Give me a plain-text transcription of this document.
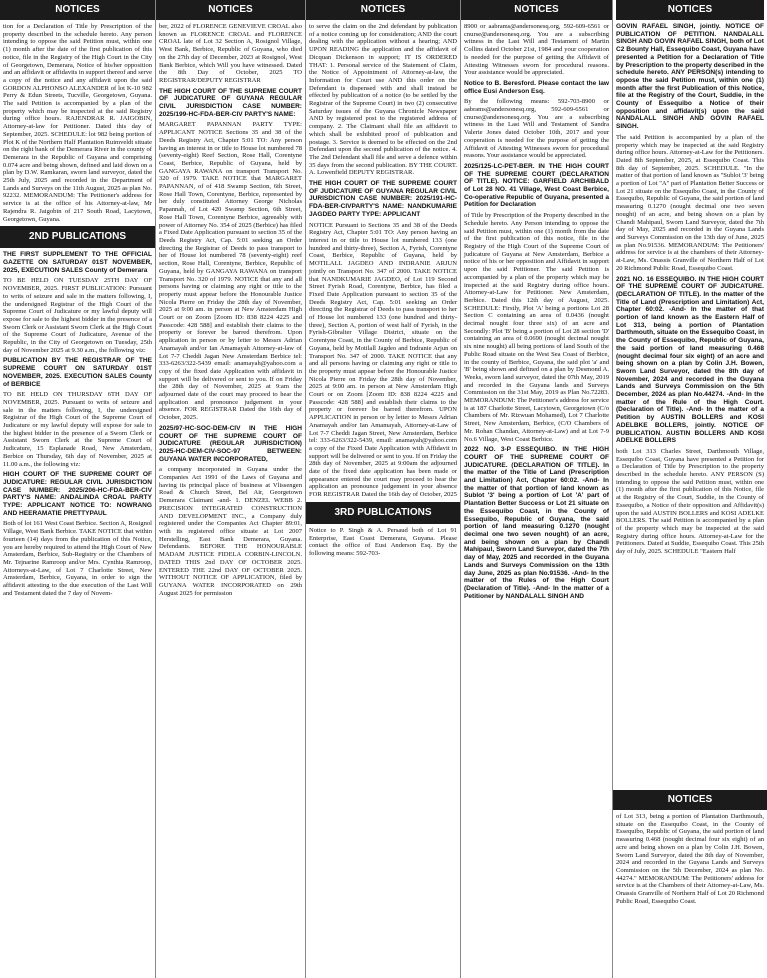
NOTICES

tion for a Declaration of Title by Prescription of the property described in the schedule hereto. Any person intending to oppose the said Petition must, within one (1) month after the date of the first publication of this notice, file in the Registry of the High Court in the City of Georgetown, Demerara, Notice of his/her opposition and an affidavit or affidavits in support thereof and serve a copy of the notice and any affidavit upon the said GORDON ALPHONSO ALEXANDER of lot K-10 982 Perry & Edun Streets, Tucville, Georgetown, Guyana. The said Petition is accompanied by a plan of the property which may be inspected at the said Registry during office hours. RAJENDRAR R. JAIGOBIN, Attorney-at-law for Petitioner. Dated this day of September, 2025. SCHEDULE: lot 982 being portion of Plot K of the Northern Half Plantation Ruimveldt situate on the right bank of the Demerara River in the county of Demerara in the Republic of Guyana and comprising 0.074 acre and being shown, defined and laid down on a plan by D.W. Ramkaran, sworn land surveyor, dated the 25th July, 2025 and recorded in the Department of Lands and Surveys on the 11th August, 2025 as plan No. 92232. MEMORANDUM: The Petitioner's address for service is at the office of his Attorney-at-law, Mr Rajendra R. Jaigobin of 217 South Road, Lacytown, Georgetown, Guyana.

2ND PUBLICATIONS

THE FIRST SUPPLEMENT TO THE OFFICIAL GAZETTE ON SATURDAY 01ST NOVEMBER, 2025, EXECUTION SALES County of Demerara

TO BE HELD ON TUESDAY 25TH DAY OF NOVEMBER, 2025. FIRST PUBLICATION: Pursuant to writs of seizure and sale in the matters following, I, the undersigned Registrar of the High Court of the Supreme Court of Judicature or my lawful deputy will expose for sale to the highest bidder in the presence of a Sworn Clerk or Assistant Sworn Clerk at the High Court of the Supreme Court of Judicature, Avenue of the Republic, in the City of Georgetown on Tuesday, 25th day of November 2025 at 9.30 a.m., the following viz:

PUBLICATION BY THE REGISTRAR OF THE SUPREME COURT ON SATURDAY 01ST NOVEMBER, 2025. EXECUTION SALES County of BERBICE

TO BE HELD ON THURSDAY 6TH DAY OF NOVEMBER, 2025. Pursuant to writs of seizure and sale in the matters following, I, the undersigned Registrar of the High Court of the Supreme Court of Judicature or my lawful deputy will expose for sale to the highest bidder in the presence of a Sworn Clerk or Assistant Sworn Clerk at the Supreme Court of Judicature, 15 Esplanade Road, New Amsterdam, Berbice on Thursday, 6th day of November, 2025 at 11.00 a.m., the following viz:

HIGH COURT OF THE SUPREME COURT OF JUDICATURE: REGULAR CIVIL JURISDICTION CASE NUMBER: 2025/206-HC-FDA-BER-CIV PARTY'S NAME: ANDALINDA CROAL PARTY TYPE: APPLICANT NOTICE TO: NOWRANG AND HEERAMATIE PRETTYPAUL

Both of lot 161 West Coast Berbice. Section A, Rosignol Village, West Bank Berbice. TAKE NOTICE that within fourteen (14) days from the publication of this Notice, you are hereby required to attend the High Court of New Amsterdam, Berbice, Sub-Registry or the Chambers of Mr. Tejnarine Ramroop and/or Mrs. Cynthia Ramroop, Attorneys-at-Law, of Lot 7 Charlotte Street, New Amsterdam, Berbice, Guyana, in order to sign the affidavit attesting to the due execution of the Last Will and Testament dated the 7 day of Novem-

NOTICES

ber, 2022 of FLORENCE GENEVIEVE CROAL also known as FLORENCE CROAL and FLORENCE CROAL late of Lot 32 Section A, Rosignol Village, West Bank, Berbice, Republic of Guyana, who died on the 27th day of December, 2023 at Rosignol, West Bank Berbice, which Will you have witnessed. Dated the 8th Day of October, 2025 TO REGISTRAR/DEPUTY REGISTRAR

THE HIGH COURT OF THE SUPREME COURT OF JUDICATURE OF GUYANA REGULAR CIVIL JURISDICTION CASE NUMBER: 2025/199-HC-FDA-BER-CIV PARTY'S NAME:

MARGARET PAPANNAN PARTY TYPE: APPLICANT NOTICE Sections 35 and 38 of the Deeds Registry Act, Chapter 5:01 TO: Any person having an interest in or title to House lot numbered 78 (seventy-eight) Reef Section, Rose Hall, Corentyne Coast, Berbice, Republic of Guyana, held by GANGAYA RAWANA on transport Transport No. 320 of 1979. TAKE NOTICE that MARGARET PAPANNAN, of of 418 Swamp Section, 6th Street, Rose Hall Town, Corentyne, Berbice, represented by her duly constituted Attorney George Nicholas Papannah, of Lot 420 Swamp Section, 6th Street, Rose Hall Town, Corentyne Berbice, agreeably with power of Attorney No. 354 of 2025 (Berbice) has filed a Fixed Date Application pursuant to section 35 of the Deeds Registry Act, Cap. 5:01 seeking an Order directing the Registrar of Deeds to pass transport to her of House lot numbered 78 (seventy-eight) reef section, Rose Hall, Corentyne, Berbice, Republic of Guyana, held by GANGAYA RAWANA on transport Transport No. 320 of 1979. NOTICE that any and all persons having or claiming any right or title to the property must appear before the Honourable Justice Nicola Pierre on Friday the 28th day of November, 2025 at 9:00 am. in person at New Amsterdam High Court or on Zoom [Zoom ID: 838 8224 4225 and Passcode: 428 588] and establish their claims to the property or forever be barred therefrom. Upon application in person or by letter to Messrs Adrian Anamayah and/or Ian Amamayah Attorney-at-law of Lot 7-7 Cheddi Jagan New Amsterdam Berbice tel: 333-6263/322-5439 email: anamayah@yahoo.com a copy of the fixed date Application with affidavit in support will be delivered or sent to you. If on Friday the 28th day of November, 2025 at 9:am the adjourned date of the court may proceed to hear the application and pronounce judgement in your absence. FOR REGISTRAR Dated the 16th day of October, 2025.

2025/97-HC-SOC-DEM-CIV IN THE HIGH COURT OF THE SUPREME COURT OF JUDICATURE (REGULAR JURISDICTION) 2025-HC-DEM-CIV-SOC-97 BETWEEN: GUYANA WATER INCORPORATED,

a company incorporated in Guyana under the Companies Act 1991 of the Laws of Guyana and having its principal place of business at Vlissengen Road & Church Street, Bel Air, Georgetown Demerara Claimant -and- 1. DENZEL WEBB 2. PRECISION INTEGRATED CONSTRUCTION AND DEVELOPMENT INC., a Company duly registered under the Companies Act Chapter 89:01, with its registered office situate at Lot 2007 Herstelling, East Bank Demerara, Guyana. Defendants. BEFORE THE HONOURABLE MADAM JUSTICE FIDELA CORBIN-LINCOLN. DATED THIS 2nd DAY OF OCTOBER 2025. ENTERED THE 22nd DAY OF OCTOBER 2025. WITHOUT NOTICE OF APPLICATION, filed by GUYANA WATER INCORPORATED on 29th August 2025 for permission

NOTICES

to serve the claim on the 2nd defendant by publication of a notice coming up for consideration; AND the court dealing with the application without a hearing; AND UPON READING the application and the affidavit of Dicquan Dickenson in support; IT IS ORDERED THAT: 1. Personal service of the Statement of Claim, the Notice of Appointment of Attorney-at-law, the Information for Court use AND this order on the Defendant is dispensed with and shall instead be effected by publication of a notice (to be settled by the Registrar of the Supreme Court) in two (2) consecutive Saturday issues of the Guyana Chronicle Newspaper AND by registered post to the registered address of company. 2. The Claimant shall file an affidavit to which shall be exhibited proof of publication and postage. 3. Service is deemed to be effected on the 2nd Defendant upon the second publication of the notice. 4. The 2nd Defendant shall file and serve a defence within 35 days from the second publication. BY THE COURT. A. Lowenfield DEPUTY REGISTRAR.

THE HIGH COURT OF THE SUPREME COURT OF JUDICATURE OF GUYANA REGULAR CIVIL JURISDICTION CASE NUMBER: 2025/191-HC-FDA-BER-CIVPARTY'S NAME: NANDKUMARIE JAGDEO PARTY TYPE: APPLICANT

NOTICE Pursuant to Sections 35 and 38 of the Deeds Registry Act, Chapter 5:01 TO: Any person having an interest in or title to House lot numbered 133 (one hundred and thirty-three), Section A, Fyrish, Corentyne Coast, Berbice, Republic of Guyana, held by MOTILALL JAGDEO AND INDRANIE ARJUN jointly on Transport No. 347 of 2000. TAKE NOTICE that NANDKUMARIE JAGDEO, of Lot 119 Second Street Fyrish Road, Corentyne, Berbice, has filed a Fixed Date Application pursuant to section 35 of the Deeds Registry Act, Cap. 5:01 seeking an Order directing the Registrar of Deeds to pass transport to her of House lot numbered 133 (one hundred and thirty-three), Section A, portion of west half of Fyrish, in the Fyrish-Gibralter Village District, situate on the Corentyne Coast, in the County of Berbice, Republic of Guyana, held by Motilall Jagdeo and Indranie Arjun on Transport No. 347 of 2000. TAKE NOTICE that any and all persons having or claiming any right or title to the property must appear before the Honourable Justice Nicola Pierre on Friday the 28th day of November, 2025 at 9:00 am. in person at New Amsterdam High Court or on Zoom [Zoom ID: 838 8224 4225 and Passcode: 428 588] and establish their claims to the property or forever be barred therefrom. UPON APPLICATION in person or by letter to Messrs Adrian Anamayah and/or Ian Amamayah, Attorney-at-Law of Lot 7-7 Cheddi Jagan Street, New Amsterdam, Berbice tel: 333-6263/322-5439, email: anamayah@yahoo.com a copy of the Fixed Date Application with Affidavit in support will be delivered or sent to you. If on Friday the 28th day of November, 2025 at 9:00am the adjourned date of the fixed date application has been made or appearance entered the court may proceed to hear the application an pronounce judgement in your absence FOR REGISTRAR Dated the 16th day of October, 2025

3RD PUBLICATIONS

Notice to P. Singh & A. Persaud both of Lot 91 Enterprise, East Coast Demerara, Guyana. Please contact the office of Eusi Anderson Esq. By the following means: 592-703-

NOTICES

8900 or aabrams@andersonesq.org, 592-609-6561 or cnurse@andersonesq.org. You are a subscribing witness in the Last Will and Testament of Martin Collins dated October 21st, 1984 and your cooperation is needed for the purpose of getting the Affidavit of Attesting Witnesses sworn for procedural reasons. Your assistance would be appreciated.

Notice to B. Beresford. Please contact the law office Eusi Anderson Esq.

By the following means: 592-703-8900 or aabrams@andersonesq.org, 592-609-6561 or cnurse@andersonesq.org. You are a subscribing witness in the Last Will and Testament of Sandra Valerie Jones dated October 10th, 2017 and your cooperation is needed for the purpose of getting the Affidavit of Attesting Witnesses sworn for procedural reasons. Your assistance would be appreciated.

2025/125-LC-PET-BER. IN THE HIGH COURT OF THE SUPREME COURT (DECLARATION OF TITLE). NOTICE: GARFIELD ARCHIBALD of Lot 28 NO. 41 Village, West Coast Berbice, Co-operative Republic of Guyana, presented a Petition for Declaration

of Title by Prescription of the Property described in the Schedule hereto. Any Person intending to oppose the said Petition must, within one (1) month from the date of the first publication of this notice, file in the Registry of the High Court of the Supreme Court of judicature of Guyana at New Amsterdam, Berbice a notice of his or her opposition and Affidavit in support upon the said Petitioner. The said Petition is accompanied by a plan of the property which may be inspected at the said Registry during office hours. Attorney-at-Law for Petitioner. New Amsterdam, Berbice. Dated this 12th day of August, 2025. SCHEDULE: Firstly, Plot 'A' being a portions Lot 28 Section C containing an area of 0.0436 (nought decimal nought four three six) of an acre and Secondly: Plot 'B' being a portion of Lot 28 section 'D' containing an area of 0.0690 (nought decimal nought six nine nought) all being portions of land South of the Public Road situate on the West Sea Coast of Berbice, in the county of Berbice, Guyana, the said plot 'a' and 'B' being shown and defined on a plan by Desmond A. Weeks, sworn land surveyor, dated the 07th May, 2019 and recorded in the Guyana lands and Surveys Commission on the 31st May, 2019 as Plan No.72283. MEMORANDUM: The Petitioner's address for service is at 187 Charlotte Street, Lacytown, Georgetown (C/o Chambers of Mr. Rizwuan Mohamed), Lot 7 Charlotte Street, New Amsterdam, Berbice, (C/O Chambers of Mr. Rohan Chandan, Attorney-at-Law) and at Lot 7-9 No.6 Village, West Coast Berbice.

2022 NO. 3-P ESSEQUIBO. IN THE HIGH COURT OF THE SUPREME COURT OF JUDICATURE. (DECLARATION OF TITLE). In the matter of the Title of Land (Prescription and Limitation) Act, Chapter 60:02. -And- In the matter of that portion of land known as Sublot '3' being a portion of Lot 'A' part of Plantation Better Success or Lot 21 situate on the Essequibo Coast, in the County of Essequibo, Republic of Guyana, the said portion of land measuring 0.1270 (nought decimal one two seven nought) of an acre, and being shown on a plan by Chandi Mahipaul, Sworn Land Surveyor, dated the 7th day of May, 2025 and recorded in the Guyana Lands and Surveys Commission on the 13th day June, 2025 as plan No.91536. -And- In the matter of the Rules of the High Court (Declaration of Title). -And- In the matter of a Petitioner by NANDALALL SINGH AND

NOTICES

GOVIN RAFAEL SINGH, jointly. NOTICE OF PUBLICATION OF PETITION. NANDALALL SINGH AND GOVIN RAFAEL SINGH, both of Lot C2 Bounty Hall, Essequibo Coast, Guyana have presented a Petition for a Declaration of Title by Prescription to the property described in the schedule hereto. ANY PERSON(s) intending to oppose the said Petition must, within one (1) month after the first Publication of this Notice, file at the Registry of the Court, Suddie, in the County of Essequibo a Notice of their opposition and affidavit(s) upon the said NANDALALL SINGH AND GOVIN RAFAEL SINGH.

The said Petition is accompanied by a plan of the property which may be inspected at the said Registry during office hours. Attorney-at-Law for the Petitioners. Dated 8th September, 2025, at Essequibo Coast. This 8th day of September, 2025. SCHEDULE. "In the matter of that portion of land known as "Sublot '3' being a portion of Lot "A" part of Plantation Better Success or Lot 21 situate on the Essequibo Coast, in the County of Essequibo, Republic of Guyana, the said portion of land measuring 0.1270 (nought decimal one two seven nought) of an acre, and being shown on a plan by Chandi Mahipaul, Sworn Land Surveyor, dated the 7th day of May, 2025 and recorded in the Guyana Lands and Surveys Commission on the 13th day of June, 2025 as plan No.91536. MEMORANDUM: The Petitioners' address for service is at the chambers of their Attorney-at-Law, Ms. Onassis Granville of Northern Half of Lot 20 Richmond Public Road, Essequibo Coast.

2021 NO. 16 ESSEQUIBO. IN THE HIGH COURT OF THE SUPREME COURT OF JUDICATURE. (DECLARATION OF TITLE). In the matter of the Title of Land (Prescription and Limitation) Act, Chapter 60:02. -And- In the matter of that portion of land known as the Eastern Half of Lot 313, being a portion of Plantation Darthmouth, situate on the Essequibo Coast, in the County of Essequibo, Republic of Guyana, the said portion of land measuring 0.468 (nought decimal four six eight) of an acre and being shown on a plan by Colin J.H. Bowen, Sworn Land Surveyor, dated the 8th day of November, 2024 and recorded in the Guyana Lands and Surveys Commission on the 5th December, 2024 as plan No.44274. -And- In the matter of the Rule of the High Court. (Declaration of Title). -And- In the matter of a Petition by AUSTIN BOLLERS and KOSI ADELBKE BOLLERS, jointly. NOTICE OF PUBLICATION. AUSTIN BOLLERS AND KOSI ADELKE BOLLERS

both Lot 313 Charles Street, Darthmouth Village, Essequibo Coast, Guyana have presented a Petition for a Declaration of Title by Prescription to the property described in the schedule hereto. ANY PERSON (S) intending to oppose the said Petition must, within one (1) month after the first publication of this Notice, file at the Registry of the Court, Suddie, in the County of Essequibo, a Notice of their opposition and Affidavit(s) upon the said AUSTIN BOLLERS and KOSI ADELKE BOLLERS. The said Petition is accompanied by a plan of the property which may be inspected at the said Registry during office hours. Attorney-at-Law for the Petitioners. Dated at Suddie, Essequibo Coast. This 25th day of July, 2025. SCHEDULE "Eastern Half

NOTICES

of Lot 313, being a portion of Plantation Darthmouth, situate on the Essequibo Coast, in the County of Essequibo, Republic of Guyana, the said portion of land measuring 0.468 (nought decimal four six eight) of an acre and being shown on a plan by Colin J.H. Bowen, Sworn Land Surveyor, dated the 8th day of November, 2024 and recorded in the Guyana Lands and Surveys Commission on the 5th December, 2024 as plan No. 44274." MEMORANDUM: The Petitioners' address for service is at the Chambers of their Attorney-at-Law, Ms. Onassis Granville of Northern Half of Lot 20 Richmond Public Road, Essequibo Coast.
